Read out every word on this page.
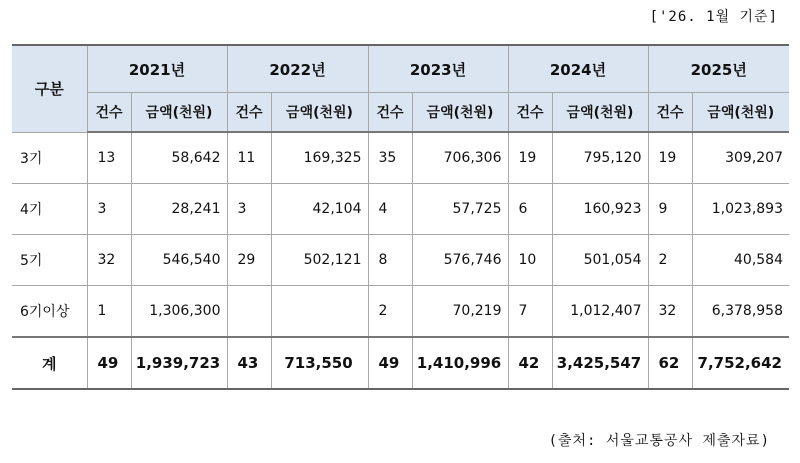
['26. 1월 기준]
구분	2021년		2022년		2023년		2024년		2025년	
	건수	금액(천원)	건수	금액(천원)	건수	금액(천원)	건수	금액(천원)	건수	금액(천원)
3기	13	58,642	11	169,325	35	706,306	19	795,120	19	309,207
4기	3	28,241	3	42,104	4	57,725	6	160,923	9	1,023,893
5기	32	546,540	29	502,121	8	576,746	10	501,054	2	40,584
6기이상	1	1,306,300			2	70,219	7	1,012,407	32	6,378,958
계	49	1,939,723	43	713,550	49	1,410,996	42	3,425,547	62	7,752,642
(출처: 서울교통공사 제출자료)
